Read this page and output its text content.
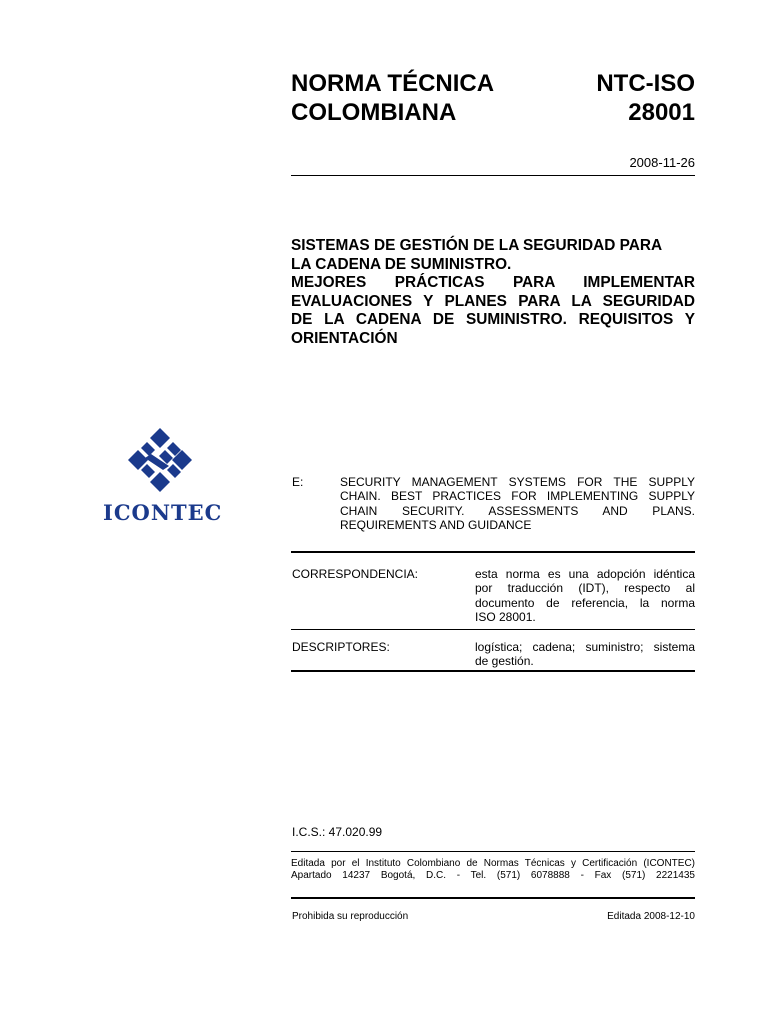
NORMA TÉCNICA
COLOMBIANA
NTC-ISO
28001
2008-11-26
SISTEMAS DE GESTIÓN DE LA SEGURIDAD PARA
LA CADENA DE SUMINISTRO.
MEJORES PRÁCTICAS PARA IMPLEMENTAR
EVALUACIONES Y PLANES PARA LA SEGURIDAD
DE LA CADENA DE SUMINISTRO. REQUISITOS Y
ORIENTACIÓN
ICONTEC
E:	SECURITY MANAGEMENT SYSTEMS FOR THE SUPPLY
CHAIN. BEST PRACTICES FOR IMPLEMENTING SUPPLY
CHAIN SECURITY. ASSESSMENTS AND PLANS.
REQUIREMENTS AND GUIDANCE
CORRESPONDENCIA:	esta norma es una adopción idéntica
por traducción (IDT), respecto al
documento de referencia, la norma
ISO 28001.
DESCRIPTORES:	logística; cadena; suministro; sistema
de gestión.
I.C.S.: 47.020.99
Editada por el Instituto Colombiano de Normas Técnicas y Certificación (ICONTEC)
Apartado 14237 Bogotá, D.C. - Tel. (571) 6078888 - Fax (571) 2221435
Prohibida su reproducción	Editada 2008-12-10
